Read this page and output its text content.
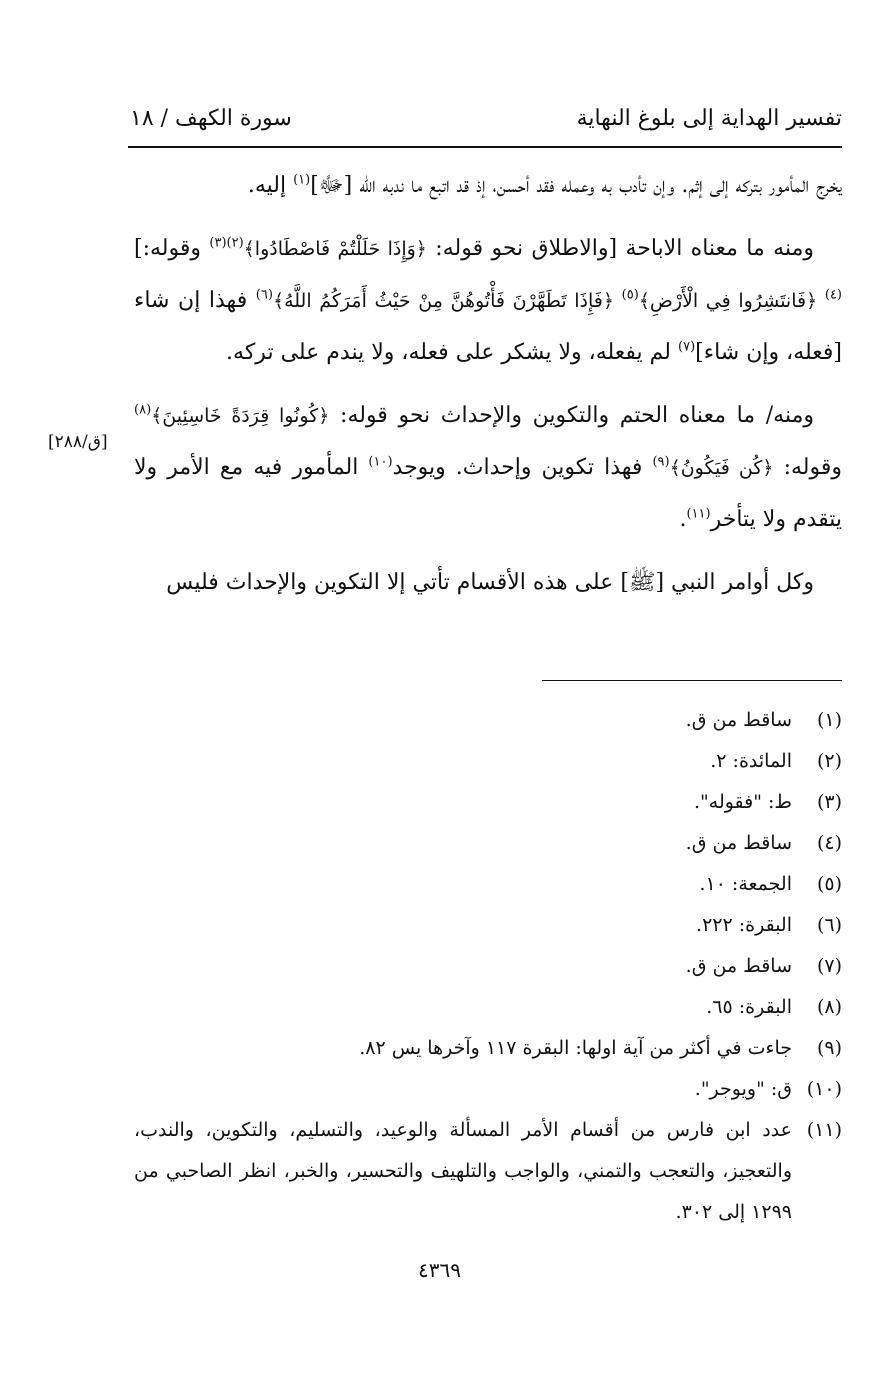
تفسير الهداية إلى بلوغ النهاية
سورة الكهف / ١٨

يخرج المأمور بتركه إلى إثم. وإن تأدب به وعمله فقد أحسن، إذ قد اتبع ما ندبه الله [ﷻ]$^{(١)}$ إليه.

ومنه ما معناه الاباحة [والاطلاق نحو قوله: ﴿وَإِذَا حَلَلْتُمْ فَاصْطَادُوا﴾$^{(٢)(٣)}$ وقوله:]$^{(٤)}$ ﴿فَانتَشِرُوا فِي الْأَرْضِ﴾$^{(٥)}$ ﴿فَإِذَا تَطَهَّرْنَ فَأْتُوهُنَّ مِنْ حَيْثُ أَمَرَكُمُ اللَّهُ﴾$^{(٦)}$ فهذا إن شاء [فعله، وإن شاء]$^{(٧)}$ لم يفعله، ولا يشكر على فعله، ولا يندم على تركه.

ومنه/ ما معناه الحتم والتكوين والإحداث نحو قوله: ﴿كُونُوا قِرَدَةً خَاسِئِينَ﴾$^{(٨)}$ وقوله: ﴿كُن فَيَكُونُ﴾$^{(٩)}$ فهذا تكوين وإحداث. ويوجد$^{(١٠)}$ المأمور فيه مع الأمر ولا يتقدم ولا يتأخر$^{(١١)}$.

وكل أوامر النبي [ﷺ] على هذه الأقسام تأتي إلا التكوين والإحداث فليس

[ق/٢٨٨]
(١)
ساقط من ق.
(٢)
المائدة: ٢.
(٣)
ط: "فقوله".
(٤)
ساقط من ق.
(٥)
الجمعة: ١٠.
(٦)
البقرة: ٢٢٢.
(٧)
ساقط من ق.
(٨)
البقرة: ٦٥.
(٩)
جاءت في أكثر من آية اولها: البقرة ١١٧ وآخرها يس ٨٢.
(١٠)
ق: "ويوجر".
(١١)
عدد ابن فارس من أقسام الأمر المسألة والوعيد، والتسليم، والتكوين، والندب، والتعجيز، والتعجب والتمني، والواجب والتلهيف والتحسير، والخبر، انظر الصاحبي من ١٢٩٩ إلى ٣٠٢.
٤٣٦٩
